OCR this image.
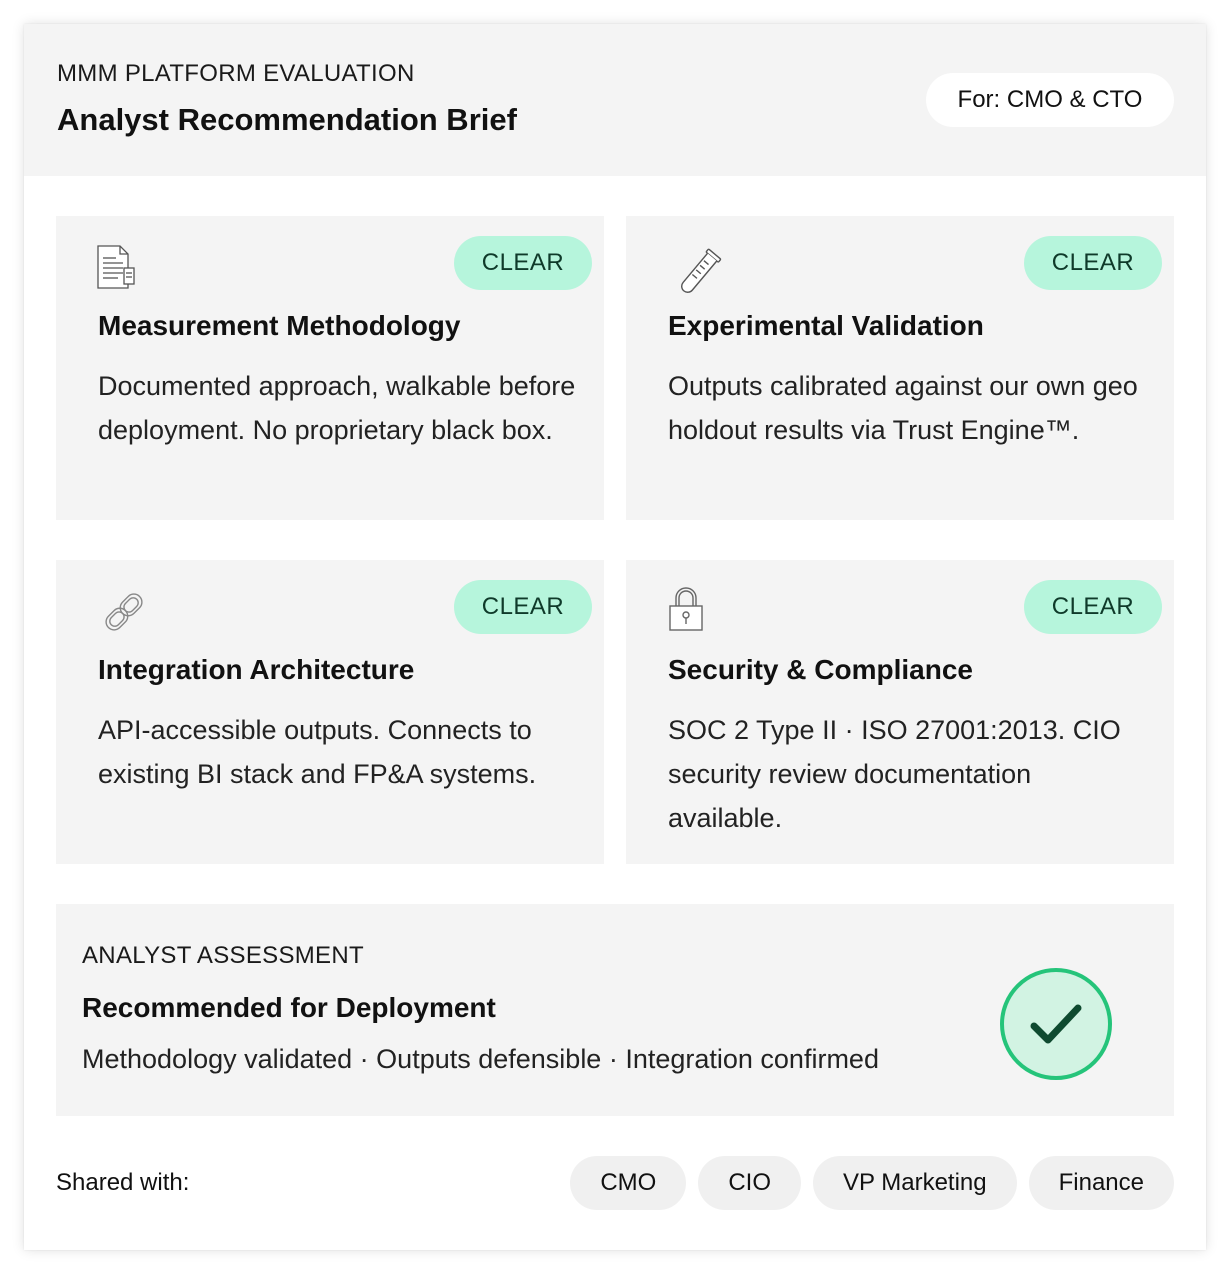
MMM PLATFORM EVALUATION
Analyst Recommendation Brief
For: CMO & CTO
CLEAR
Measurement Methodology
Documented approach, walkable before deployment. No proprietary black box.
CLEAR
Experimental Validation
Outputs calibrated against our own geo holdout results via Trust Engine™.
CLEAR
Integration Architecture
API-accessible outputs. Connects to existing BI stack and FP&A systems.
CLEAR
Security & Compliance
SOC 2 Type II · ISO 27001:2013. CIO security review documentation available.
ANALYST ASSESSMENT
Recommended for Deployment
Methodology validated · Outputs defensible · Integration confirmed
Shared with:	CMO	CIO	VP Marketing	Finance
